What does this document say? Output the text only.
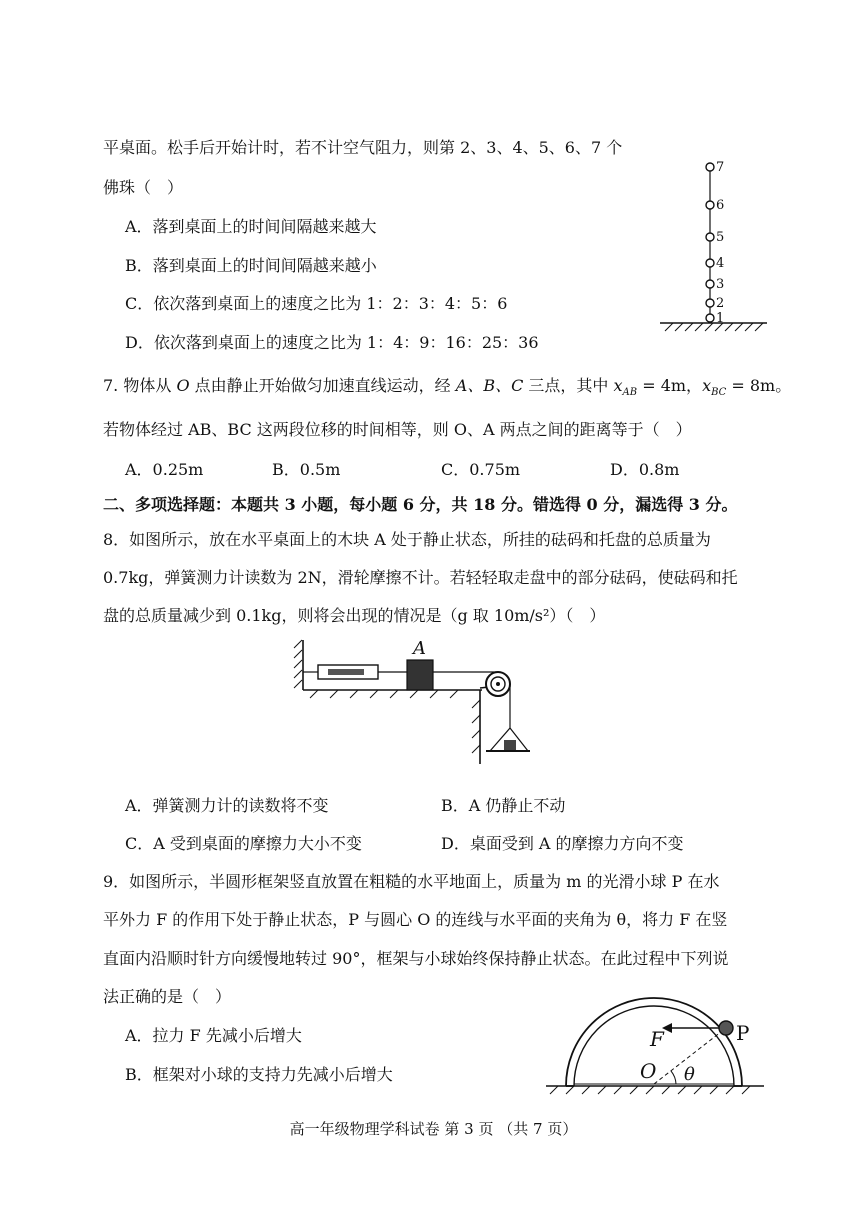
平桌面。松手后开始计时，若不计空气阻力，则第 2、3、4、5、6、7 个
佛珠（　）
A．落到桌面上的时间间隔越来越大
B．落到桌面上的时间间隔越来越小
C．依次落到桌面上的速度之比为 1：2：3：4：5：6
D．依次落到桌面上的速度之比为 1：4：9：16：25：36
1
2
3
4
5
6
7
7. 物体从 O 点由静止开始做匀加速直线运动，经 A、B、C 三点，其中 $x_{AB} = 4m$，$x_{BC} = 8m$。
若物体经过 AB、BC 这两段位移的时间相等，则 O、A 两点之间的距离等于（　）
A．0.25m	B．0.5m	C．0.75m	D．0.8m
二、多项选择题：本题共 3 小题，每小题 6 分，共 18 分。错选得 0 分，漏选得 3 分。
8．如图所示，放在水平桌面上的木块 A 处于静止状态，所挂的砝码和托盘的总质量为
0.7kg，弹簧测力计读数为 2N，滑轮摩擦不计。若轻轻取走盘中的部分砝码，使砝码和托
盘的总质量减少到 0.1kg，则将会出现的情况是（g 取 10m/s²）（　）
A
A．弹簧测力计的读数将不变	B．A 仍静止不动
C．A 受到桌面的摩擦力大小不变	D．桌面受到 A 的摩擦力方向不变
9．如图所示，半圆形框架竖直放置在粗糙的水平地面上，质量为 m 的光滑小球 P 在水
平外力 F 的作用下处于静止状态，P 与圆心 O 的连线与水平面的夹角为 θ，将力 F 在竖
直面内沿顺时针方向缓慢地转过 90°，框架与小球始终保持静止状态。在此过程中下列说
法正确的是（　）
A．拉力 F 先减小后增大
B．框架对小球的支持力先减小后增大
F	P
O θ
高一年级物理学科试卷 第 3 页 （共 7 页）
